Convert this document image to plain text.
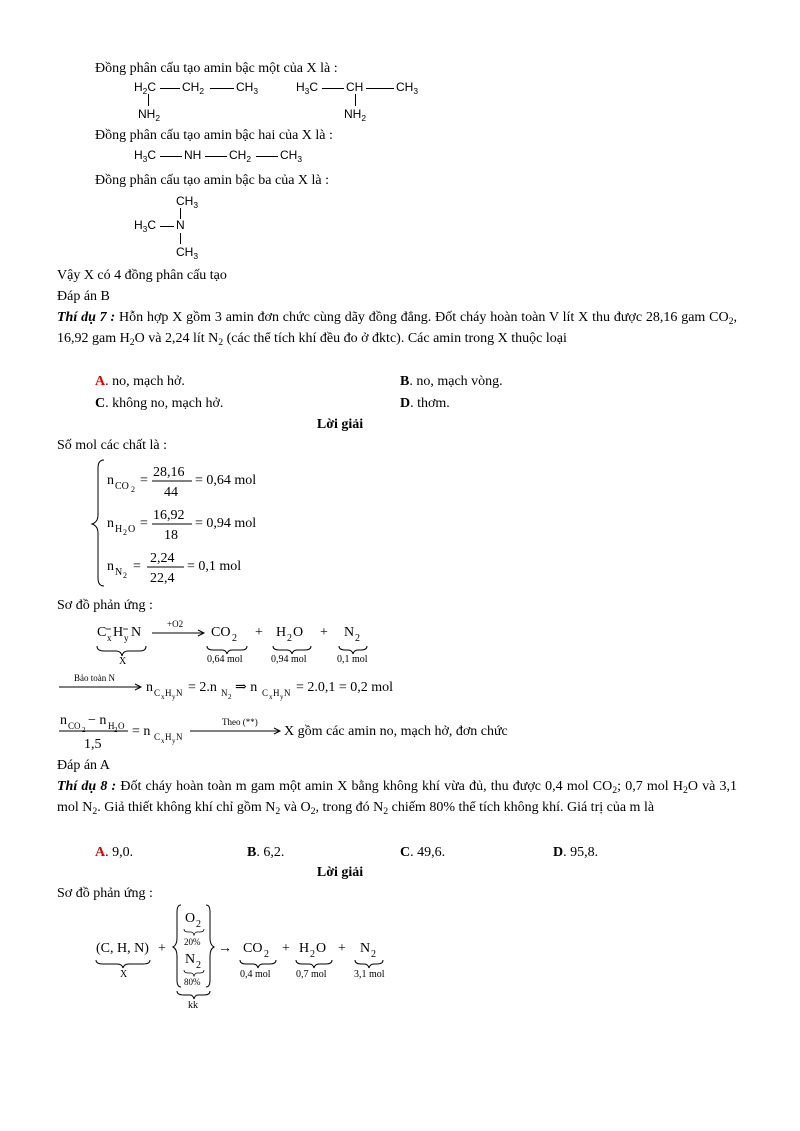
Đồng phân cấu tạo amin bậc một của X là :
$H_2C$ $CH_2$	$CH_3$
$NH_2$
$H_3C$ CH	$CH_3$
$NH_2$
Đồng phân cấu tạo amin bậc hai của X là :
$H_3C$ NH $CH_2$ $CH_3$
Đồng phân cấu tạo amin bậc ba của X là :
$CH_3$
$H_3C$ N
$CH_3$
Vậy X có 4 đồng phân cấu tạo
Đáp án B
Thí dụ 7 : Hỗn hợp X gồm 3 amin đơn chức cùng dãy đồng đẳng. Đốt cháy hoàn toàn V lít X thu được 28,16 gam $CO_2$, 16,92 gam $H_2O$ và 2,24 lít $N_2$ (các thể tích khí đều đo ở đktc). Các amin trong X thuộc loại
A. no, mạch hở.	B. no, mạch vòng.
C. không no, mạch hở.	D. thơm.
Lời giải
Số mol các chất là :
n CO 2
=
28,16
44
= 0,64 mol
n H 2 O =
16,92
18
= 0,94 mol
n N 2
=
2,24
22,4
= 0,1 mol
Sơ đồ phản ứng :
C x H y N
X
+O2
CO 2
0,64 mol
+ H 2 O
0,94 mol
+ N 2
0,1 mol
Bảo toàn N
n C x H y N = 2.n N 2
⇒ n C x H y N = 2.0,1 = 0,2 mol
n CO 2
− n H 2 O
1,5
= n C x H y N
Theo (**)
X gồm các amin no, mạch hở, đơn chức
Đáp án A
Thí dụ 8 : Đốt cháy hoàn toàn m gam một amin X bằng không khí vừa đủ, thu được 0,4 mol $CO_2$; 0,7 mol $H_2O$ và 3,1 mol $N_2$. Giả thiết không khí chỉ gồm $N_2$ và $O_2$, trong đó $N_2$ chiếm 80% thể tích không khí. Giá trị của m là
A. 9,0.	B. 6,2.	C. 49,6.	D. 95,8.
Lời giải
Sơ đồ phản ứng :
(C, H, N)
X
+
O 2
20%
N 2
80%
kk
→ CO 2
0,4 mol
+ H 2 O
0,7 mol
+ N 2
3,1 mol
